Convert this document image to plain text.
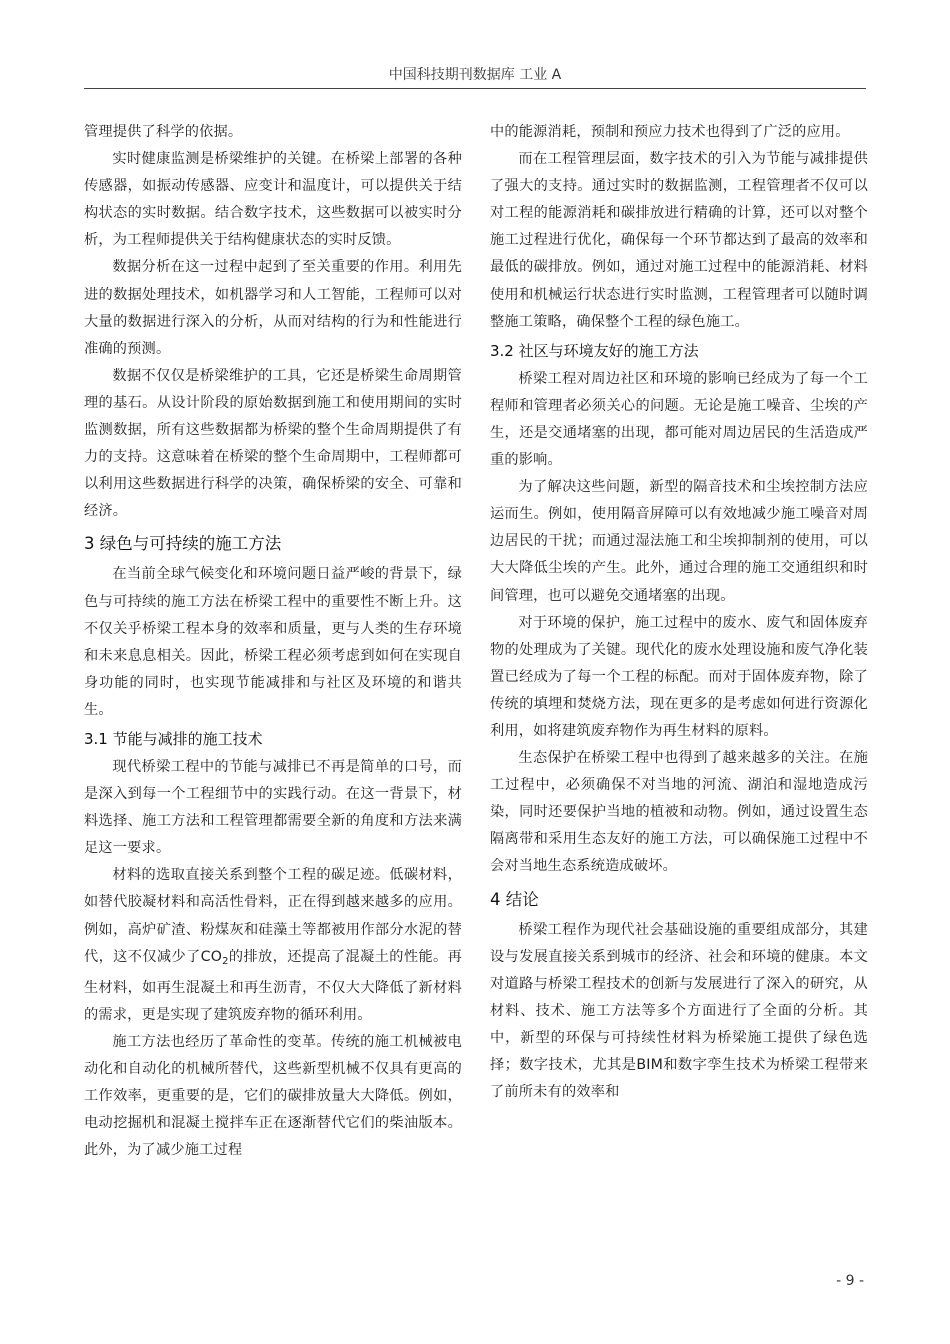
中国科技期刊数据库 工业 A

管理提供了科学的依据。

实时健康监测是桥梁维护的关键。在桥梁上部署的各种传感器，如振动传感器、应变计和温度计，可以提供关于结构状态的实时数据。结合数字技术，这些数据可以被实时分析，为工程师提供关于结构健康状态的实时反馈。

数据分析在这一过程中起到了至关重要的作用。利用先进的数据处理技术，如机器学习和人工智能，工程师可以对大量的数据进行深入的分析，从而对结构的行为和性能进行准确的预测。

数据不仅仅是桥梁维护的工具，它还是桥梁生命周期管理的基石。从设计阶段的原始数据到施工和使用期间的实时监测数据，所有这些数据都为桥梁的整个生命周期提供了有力的支持。这意味着在桥梁的整个生命周期中，工程师都可以利用这些数据进行科学的决策，确保桥梁的安全、可靠和经济。

3 绿色与可持续的施工方法

在当前全球气候变化和环境问题日益严峻的背景下，绿色与可持续的施工方法在桥梁工程中的重要性不断上升。这不仅关乎桥梁工程本身的效率和质量，更与人类的生存环境和未来息息相关。因此，桥梁工程必须考虑到如何在实现自身功能的同时，也实现节能减排和与社区及环境的和谐共生。

3.1 节能与减排的施工技术

现代桥梁工程中的节能与减排已不再是简单的口号，而是深入到每一个工程细节中的实践行动。在这一背景下，材料选择、施工方法和工程管理都需要全新的角度和方法来满足这一要求。

材料的选取直接关系到整个工程的碳足迹。低碳材料，如替代胶凝材料和高活性骨料，正在得到越来越多的应用。例如，高炉矿渣、粉煤灰和硅藻土等都被用作部分水泥的替代，这不仅减少了$CO_2$的排放，还提高了混凝土的性能。再生材料，如再生混凝土和再生沥青，不仅大大降低了新材料的需求，更是实现了建筑废弃物的循环利用。

施工方法也经历了革命性的变革。传统的施工机械被电动化和自动化的机械所替代，这些新型机械不仅具有更高的工作效率，更重要的是，它们的碳排放量大大降低。例如，电动挖掘机和混凝土搅拌车正在逐渐替代它们的柴油版本。此外，为了减少施工过程

中的能源消耗，预制和预应力技术也得到了广泛的应用。

而在工程管理层面，数字技术的引入为节能与减排提供了强大的支持。通过实时的数据监测，工程管理者不仅可以对工程的能源消耗和碳排放进行精确的计算，还可以对整个施工过程进行优化，确保每一个环节都达到了最高的效率和最低的碳排放。例如，通过对施工过程中的能源消耗、材料使用和机械运行状态进行实时监测，工程管理者可以随时调整施工策略，确保整个工程的绿色施工。

3.2 社区与环境友好的施工方法

桥梁工程对周边社区和环境的影响已经成为了每一个工程师和管理者必须关心的问题。无论是施工噪音、尘埃的产生，还是交通堵塞的出现，都可能对周边居民的生活造成严重的影响。

为了解决这些问题，新型的隔音技术和尘埃控制方法应运而生。例如，使用隔音屏障可以有效地减少施工噪音对周边居民的干扰；而通过湿法施工和尘埃抑制剂的使用，可以大大降低尘埃的产生。此外，通过合理的施工交通组织和时间管理，也可以避免交通堵塞的出现。

对于环境的保护，施工过程中的废水、废气和固体废弃物的处理成为了关键。现代化的废水处理设施和废气净化装置已经成为了每一个工程的标配。而对于固体废弃物，除了传统的填埋和焚烧方法，现在更多的是考虑如何进行资源化利用，如将建筑废弃物作为再生材料的原料。

生态保护在桥梁工程中也得到了越来越多的关注。在施工过程中，必须确保不对当地的河流、湖泊和湿地造成污染，同时还要保护当地的植被和动物。例如，通过设置生态隔离带和采用生态友好的施工方法，可以确保施工过程中不会对当地生态系统造成破坏。

4 结论

桥梁工程作为现代社会基础设施的重要组成部分，其建设与发展直接关系到城市的经济、社会和环境的健康。本文对道路与桥梁工程技术的创新与发展进行了深入的研究，从材料、技术、施工方法等多个方面进行了全面的分析。其中，新型的环保与可持续性材料为桥梁施工提供了绿色选择；数字技术，尤其是BIM和数字孪生技术为桥梁工程带来了前所未有的效率和

- 9 -
